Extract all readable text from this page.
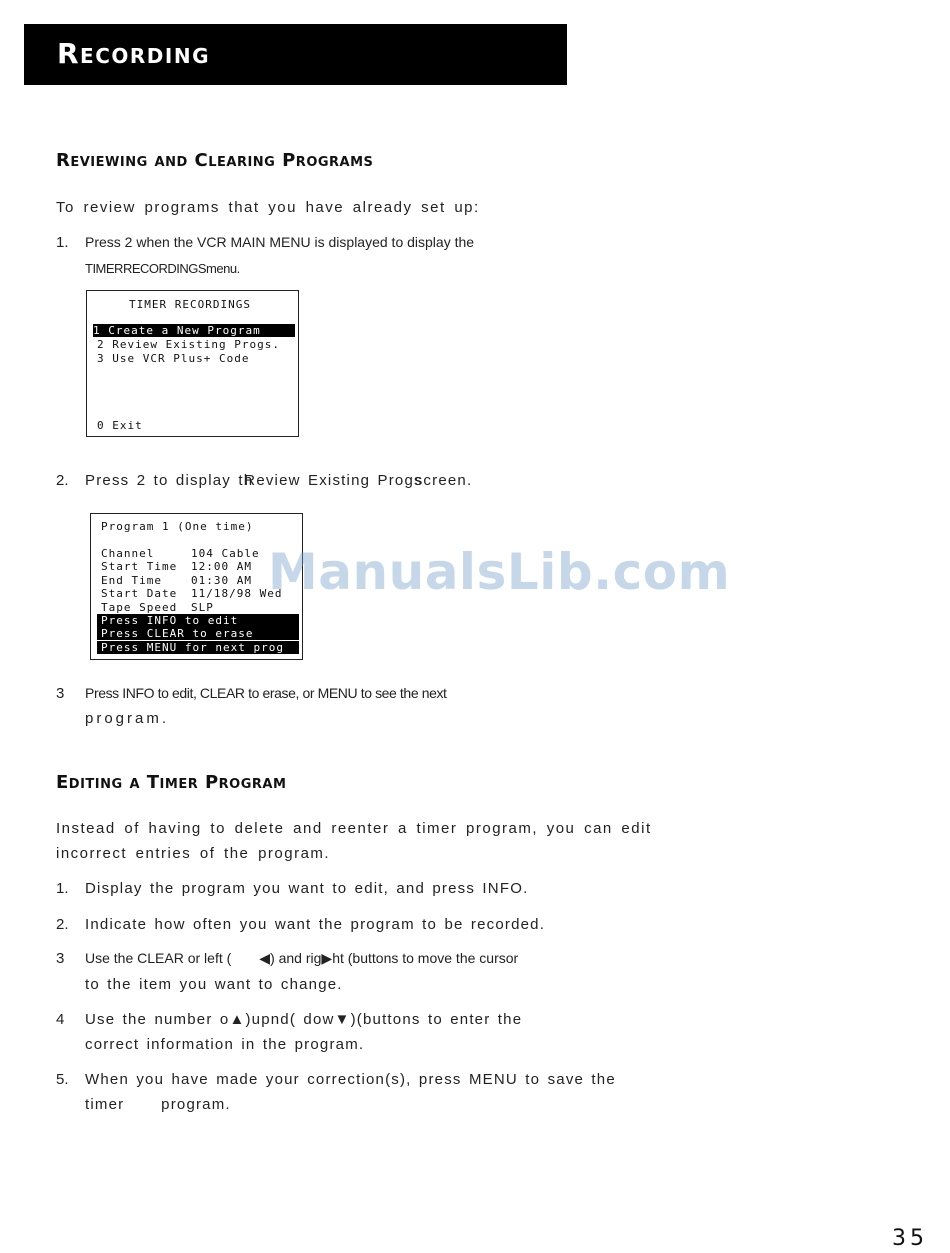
Recording
Reviewing and Clearing Programs

To review programs that you have already set up:

1. Press 2 when the VCR MAIN MENU is displayed to display the

TIMERRECORDINGSmenu.

TIMER RECORDINGS
1 Create a New Program
2 Review Existing Progs.
3 Use VCR Plus+ Code
0 Exit
2. Press 2 to display thReview Existing Progsscreen.

Program 1 (One time)
Channel	104 Cable
Start Time 12:00 AM
End Time	01:30 AM
Start Date 11/18/98 Wed
Tape Speed SLP
Press INFO to edit
Press CLEAR to erase
Press MENU for next prog
3 Press INFO to edit, CLEAR to erase, or MENU to see the next

program.

ManualsLib.com
Editing a Timer Program

Instead of having to delete and reenter a timer program, you can edit

incorrect entries of the program.

1. Display the program you want to edit, and press INFO.

2. Indicate how often you want the program to be recorded.

3 Use the CLEAR or left ( ◀) and rig▶ht (buttons to move the cursor

to the item you want to change.

4 Use the number o▲)upnd( dow▼)(buttons to enter the

correct information in the program.

5. When you have made your correction(s), press MENU to save the

timer     program.

35
